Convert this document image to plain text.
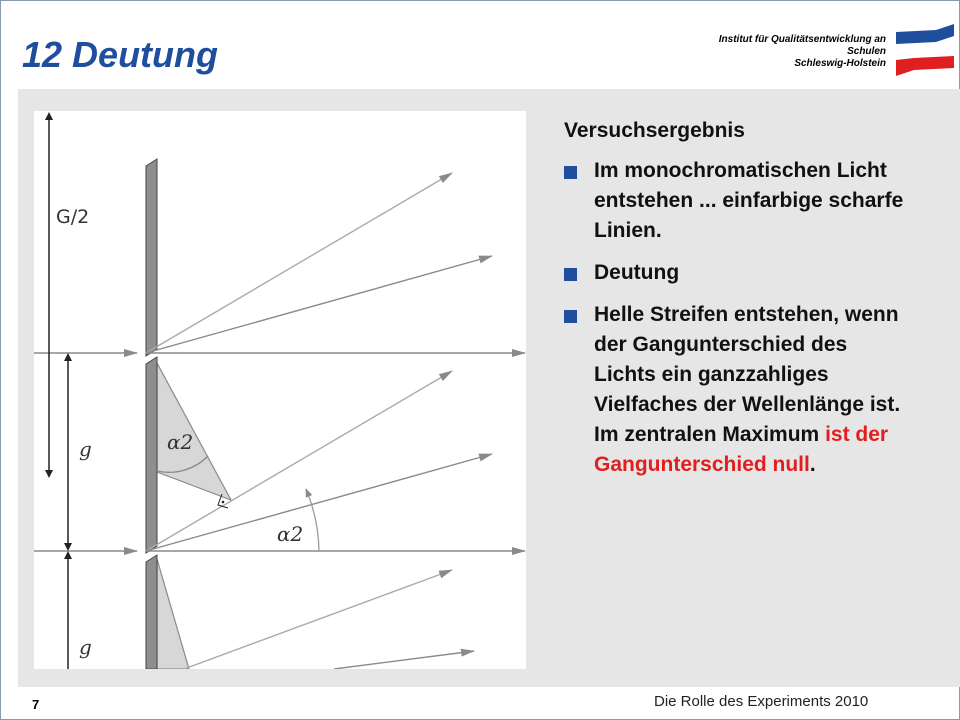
12 Deutung	Institut für Qualitätsentwicklung an
Schulen
Schleswig-Holstein
G/2
g
g
α2
α2

Versuchsergebnis

Im monochromatischen Licht entstehen ... einfarbige scharfe Linien.
Deutung
Helle Streifen entstehen, wenn der Gangunterschied des Lichts ein ganzzahliges Vielfaches der Wellenlänge ist. Im zentralen Maximum ist der Gangunterschied null.
7	Die Rolle des Experiments 2010
